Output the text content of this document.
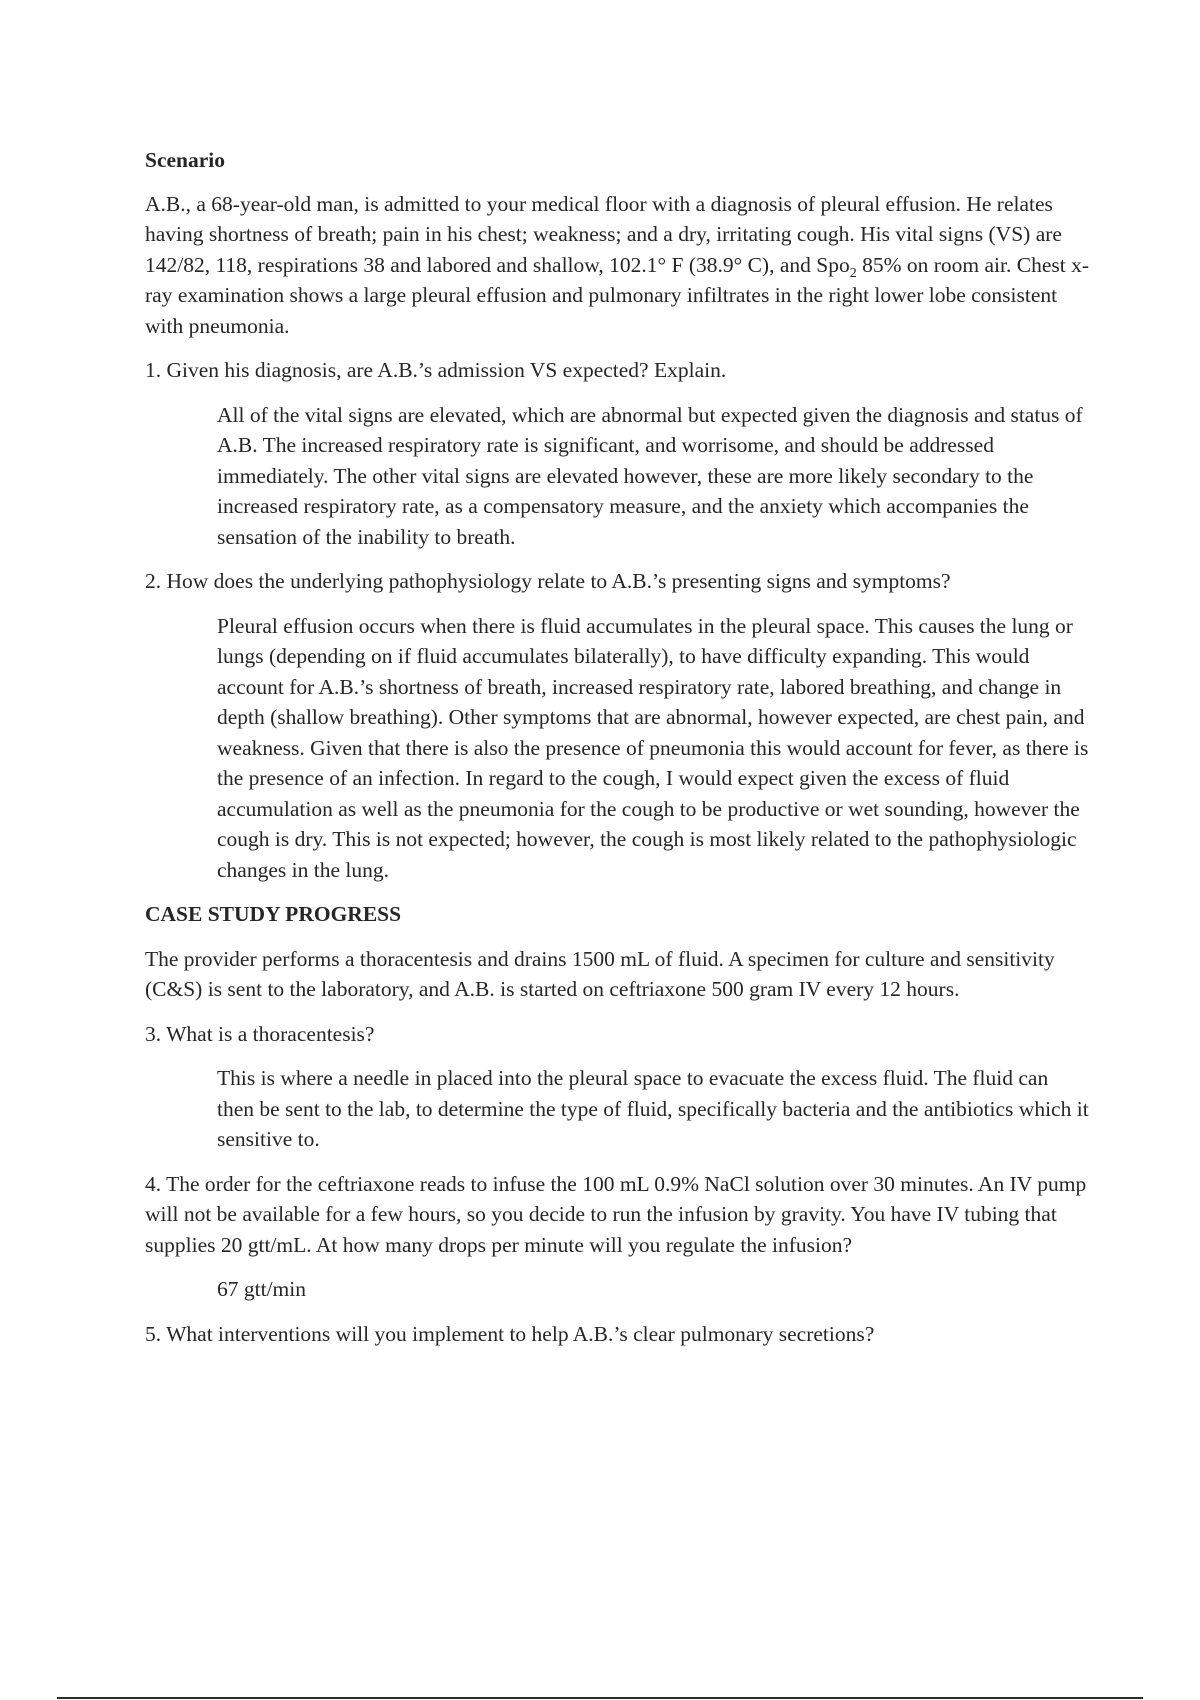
Scenario
A.B., a 68-year-old man, is admitted to your medical floor with a diagnosis of pleural effusion. He relates having shortness of breath; pain in his chest; weakness; and a dry, irritating cough. His vital signs (VS) are 142/82, 118, respirations 38 and labored and shallow, 102.1° F (38.9° C), and Spo$_2$ 85% on room air. Chest x-ray examination shows a large pleural effusion and pulmonary infiltrates in the right lower lobe consistent with pneumonia.
1. Given his diagnosis, are A.B.’s admission VS expected? Explain.
All of the vital signs are elevated, which are abnormal but expected given the diagnosis and status of A.B. The increased respiratory rate is significant, and worrisome, and should be addressed immediately. The other vital signs are elevated however, these are more likely secondary to the increased respiratory rate, as a compensatory measure, and the anxiety which accompanies the sensation of the inability to breath.
2. How does the underlying pathophysiology relate to A.B.’s presenting signs and symptoms?
Pleural effusion occurs when there is fluid accumulates in the pleural space. This causes the lung or lungs (depending on if fluid accumulates bilaterally), to have difficulty expanding. This would account for A.B.’s shortness of breath, increased respiratory rate, labored breathing, and change in depth (shallow breathing). Other symptoms that are abnormal, however expected, are chest pain, and weakness. Given that there is also the presence of pneumonia this would account for fever, as there is the presence of an infection. In regard to the cough, I would expect given the excess of fluid accumulation as well as the pneumonia for the cough to be productive or wet sounding, however the cough is dry. This is not expected; however, the cough is most likely related to the pathophysiologic changes in the lung.
CASE STUDY PROGRESS
The provider performs a thoracentesis and drains 1500 mL of fluid. A specimen for culture and sensitivity (C&S) is sent to the laboratory, and A.B. is started on ceftriaxone 500 gram IV every 12 hours.
3. What is a thoracentesis?
This is where a needle in placed into the pleural space to evacuate the excess fluid. The fluid can then be sent to the lab, to determine the type of fluid, specifically bacteria and the antibiotics which it sensitive to.
4. The order for the ceftriaxone reads to infuse the 100 mL 0.9% NaCl solution over 30 minutes. An IV pump will not be available for a few hours, so you decide to run the infusion by gravity. You have IV tubing that supplies 20 gtt/mL. At how many drops per minute will you regulate the infusion?
67 gtt/min
5. What interventions will you implement to help A.B.’s clear pulmonary secretions?
